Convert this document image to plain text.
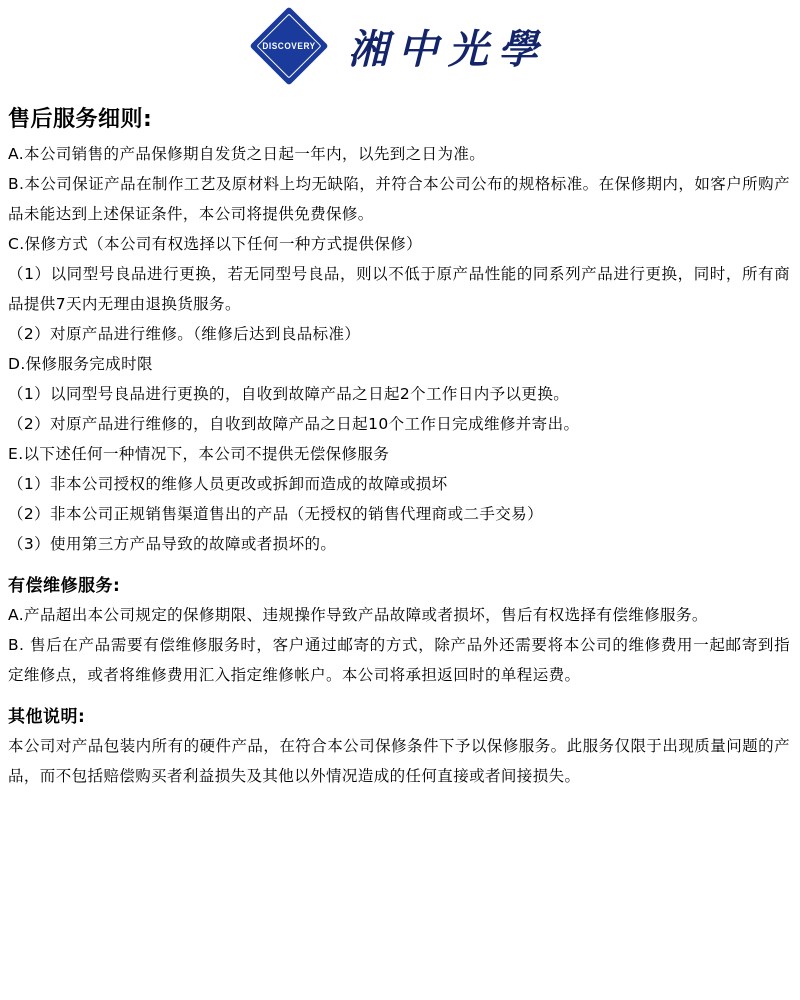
DISCOVERY 湘中光學
售后服务细则:

A.本公司销售的产品保修期自发货之日起一年内，以先到之日为准。

B.本公司保证产品在制作工艺及原材料上均无缺陷，并符合本公司公布的规格标准。在保修期内，如客户所购产品未能达到上述保证条件，本公司将提供免费保修。

C.保修方式（本公司有权选择以下任何一种方式提供保修）

（1）以同型号良品进行更换，若无同型号良品，则以不低于原产品性能的同系列产品进行更换，同时，所有商品提供7天内无理由退换货服务。

（2）对原产品进行维修。（维修后达到良品标准）

D.保修服务完成时限

（1）以同型号良品进行更换的，自收到故障产品之日起2个工作日内予以更换。

（2）对原产品进行维修的，自收到故障产品之日起10个工作日完成维修并寄出。

E.以下述任何一种情况下，本公司不提供无偿保修服务

（1）非本公司授权的维修人员更改或拆卸而造成的故障或损坏

（2）非本公司正规销售渠道售出的产品（无授权的销售代理商或二手交易）

（3）使用第三方产品导致的故障或者损坏的。

有偿维修服务:

A.产品超出本公司规定的保修期限、违规操作导致产品故障或者损坏，售后有权选择有偿维修服务。

B. 售后在产品需要有偿维修服务时，客户通过邮寄的方式，除产品外还需要将本公司的维修费用一起邮寄到指定维修点，或者将维修费用汇入指定维修帐户。本公司将承担返回时的单程运费。

其他说明:

本公司对产品包装内所有的硬件产品，在符合本公司保修条件下予以保修服务。此服务仅限于出现质量问题的产品，而不包括赔偿购买者利益损失及其他以外情况造成的任何直接或者间接损失。
